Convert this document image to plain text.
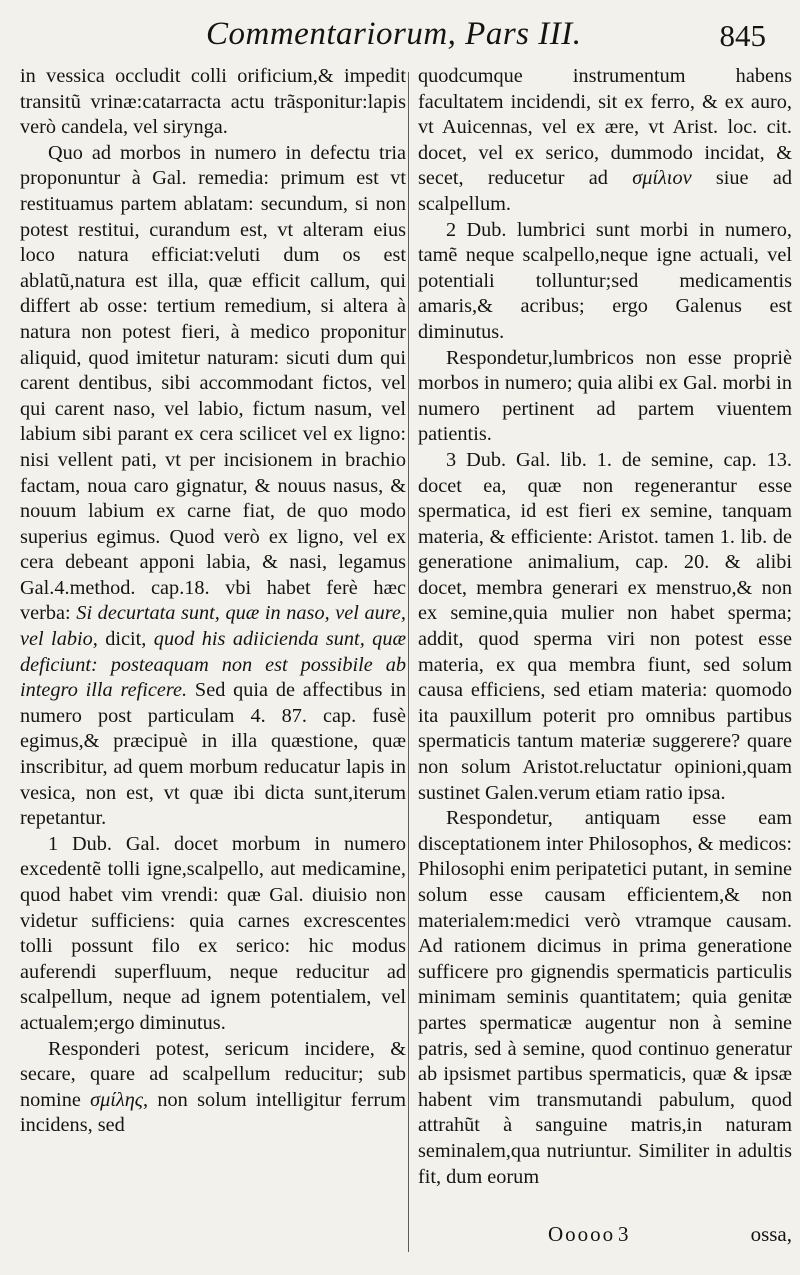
Commentariorum, Pars III.	845

in vessica occludit colli orificium,& impedit transitũ vrinæ:catarracta actu trãsponitur:lapis verò candela, vel sirynga.

Quo ad morbos in numero in defectu tria proponuntur à Gal. remedia: primum est vt restituamus partem ablatam: secundum, si non potest restitui, curandum est, vt alteram eius loco natura efficiat:veluti dum os est ablatũ,natura est illa, quæ efficit callum, qui differt ab osse: tertium remedium, si altera à natura non potest fieri, à medico proponitur aliquid, quod imitetur naturam: sicuti dum qui carent dentibus, sibi accommodant fictos, vel qui carent naso, vel labio, fictum nasum, vel labium sibi parant ex cera scilicet vel ex ligno: nisi vellent pati, vt per incisionem in brachio factam, noua caro gignatur, & nouus nasus, & nouum labium ex carne fiat, de quo modo superius egimus. Quod verò ex ligno, vel ex cera debeant apponi labia, & nasi, legamus Gal.4.method. cap.18. vbi habet ferè hæc verba: Si decurtata sunt, quæ in naso, vel aure, vel labio, dicit, quod his adiicienda sunt, quæ deficiunt: posteaquam non est possibile ab integro illa reficere. Sed quia de affectibus in numero post particulam 4. 87. cap. fusè egimus,& præcipuè in illa quæstione, quæ inscribitur, ad quem morbum reducatur lapis in vesica, non est, vt quæ ibi dicta sunt,iterum repetantur.

1 Dub. Gal. docet morbum in numero excedentẽ tolli igne,scalpello, aut medicamine, quod habet vim vrendi: quæ Gal. diuisio non videtur sufficiens: quia carnes excrescentes tolli possunt filo ex serico: hic modus auferendi superfluum, neque reducitur ad scalpellum, neque ad ignem potentialem, vel actualem;ergo diminutus.

Responderi potest, sericum incidere, & secare, quare ad scalpellum reducitur; sub nomine σμίλης, non solum intelligitur ferrum incidens, sed

quodcumque instrumentum habens facultatem incidendi, sit ex ferro, & ex auro, vt Auicennas, vel ex ære, vt Arist. loc. cit. docet, vel ex serico, dummodo incidat, & secet, reducetur ad σμίλιον siue ad scalpellum.

2 Dub. lumbrici sunt morbi in numero, tamẽ neque scalpello,neque igne actuali, vel potentiali tolluntur;sed medicamentis amaris,& acribus; ergo Galenus est diminutus.

Respondetur,lumbricos non esse propriè morbos in numero; quia alibi ex Gal. morbi in numero pertinent ad partem viuentem patientis.

3 Dub. Gal. lib. 1. de semine, cap. 13. docet ea, quæ non regenerantur esse spermatica, id est fieri ex semine, tanquam materia, & efficiente: Aristot. tamen 1. lib. de generatione animalium, cap. 20. & alibi docet, membra generari ex menstruo,& non ex semine,quia mulier non habet sperma; addit, quod sperma viri non potest esse materia, ex qua membra fiunt, sed solum causa efficiens, sed etiam materia: quomodo ita pauxillum poterit pro omnibus partibus spermaticis tantum materiæ suggerere? quare non solum Aristot.reluctatur opinioni,quam sustinet Galen.verum etiam ratio ipsa.

Respondetur, antiquam esse eam disceptationem inter Philosophos, & medicos: Philosophi enim peripatetici putant, in semine solum esse causam efficientem,& non materialem:medici verò vtramque causam. Ad rationem dicimus in prima generatione sufficere pro gignendis spermaticis particulis minimam seminis quantitatem; quia genitæ partes spermaticæ augentur non à semine patris, sed à semine, quod continuo generatur ab ipsismet partibus spermaticis, quæ & ipsæ habent vim transmutandi pabulum, quod attrahũt à sanguine matris,in naturam seminalem,qua nutriuntur. Similiter in adultis fit, dum eorum

Ooooo 3	ossa,
